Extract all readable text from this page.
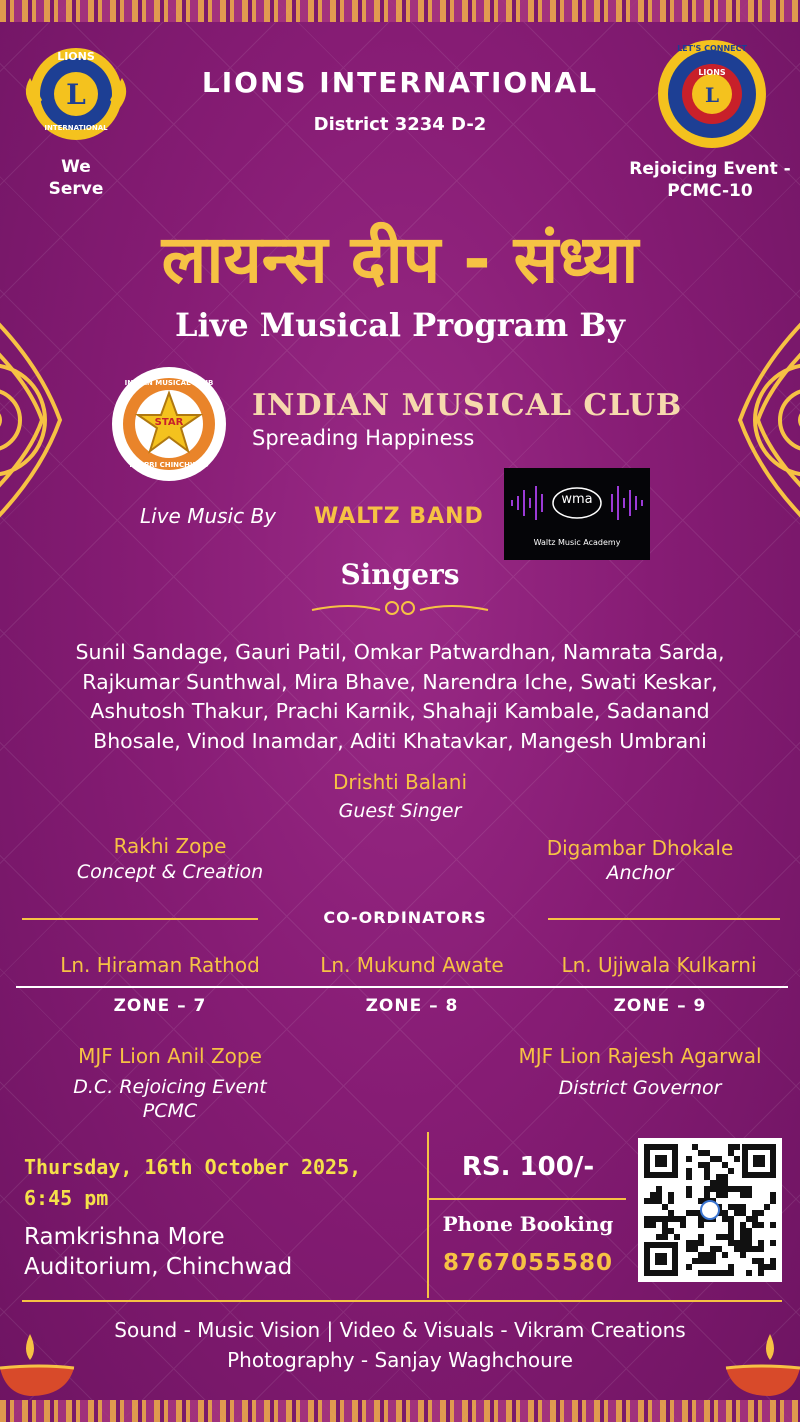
L
LIONS
INTERNATIONAL
We Serve
LIONS INTERNATIONAL
District 3234 D-2
L
LET'S CONNECT
LIONS
Rejoicing Event -
PCMC-10
लायन्स दीप - संध्या
Live Musical Program By
INDIAN MUSICAL CLUB
STAR
PIMPRI CHINCHWAD
INDIAN MUSICAL CLUB
Spreading Happiness
Live Music By WALTZ BAND
wma
Waltz Music Academy
Singers
Sunil Sandage, Gauri Patil, Omkar Patwardhan, Namrata Sarda,
Rajkumar Sunthwal, Mira Bhave, Narendra Iche, Swati Keskar,
Ashutosh Thakur, Prachi Karnik, Shahaji Kambale, Sadanand
Bhosale, Vinod Inamdar, Aditi Khatavkar, Mangesh Umbrani
Drishti Balani
Guest Singer
Rakhi Zope
Concept & Creation
Digambar Dhokale
Anchor
CO-ORDINATORS
Ln. Hiraman Rathod	Ln. Mukund Awate	Ln. Ujjwala Kulkarni
ZONE – 7	ZONE – 8	ZONE – 9
MJF Lion Anil Zope
D.C. Rejoicing Event
PCMC
MJF Lion Rajesh Agarwal
District Governor
Thursday, 16th October 2025,
6:45 pm
Ramkrishna More
Auditorium, Chinchwad
RS. 100/-
Phone Booking
8767055580
Sound - Music Vision | Video & Visuals - Vikram Creations
Photography - Sanjay Waghchoure
